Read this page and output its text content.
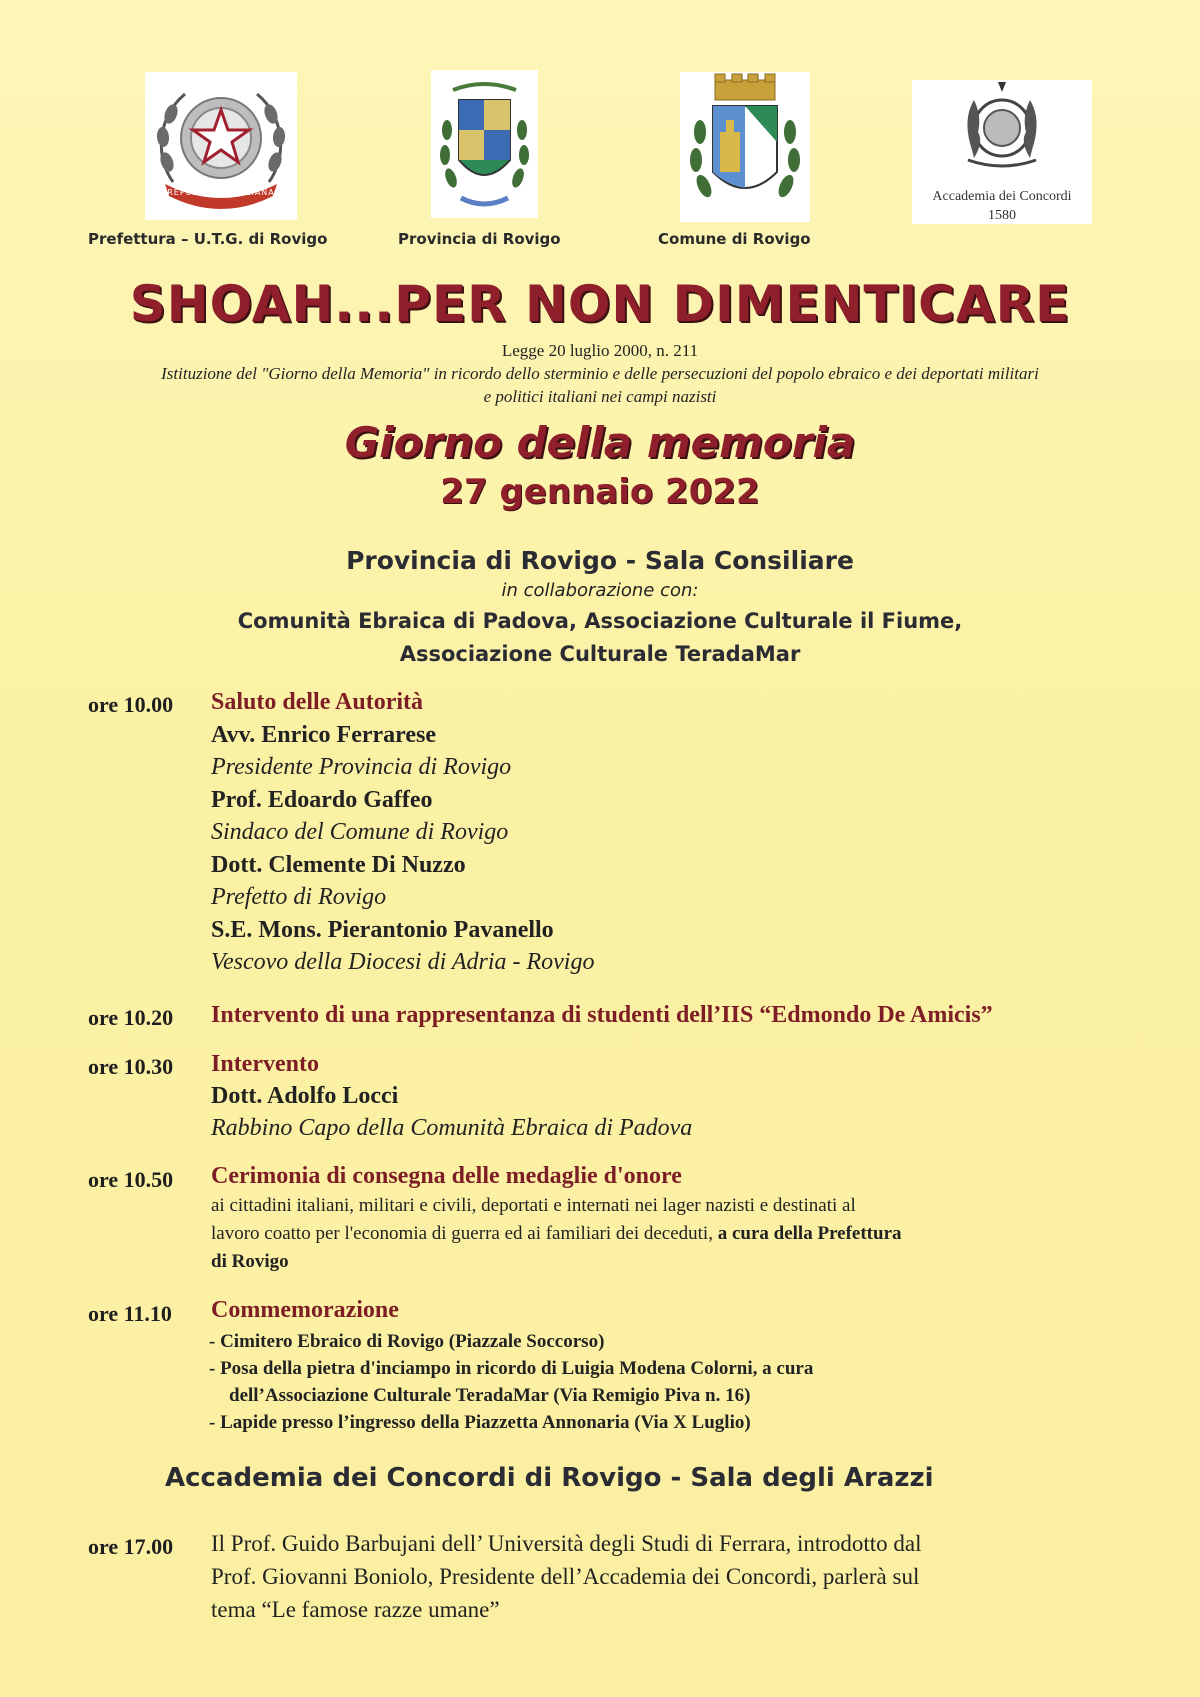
REPUBBLICA ITALIANA
Prefettura – U.T.G. di Rovigo	Provincia di Rovigo	Comune di Rovigo
Accademia dei Concordi
1580
SHOAH...PER NON DIMENTICARE
Legge 20 luglio 2000, n. 211
Istituzione del "Giorno della Memoria" in ricordo dello sterminio e delle persecuzioni del popolo ebraico e dei deportati militari
e politici italiani nei campi nazisti
Giorno della memoria
27 gennaio 2022
Provincia di Rovigo - Sala Consiliare
in collaborazione con:
Comunità Ebraica di Padova, Associazione Culturale il Fiume,
Associazione Culturale TeradaMar
ore 10.00 Saluto delle Autorità
Avv. Enrico Ferrarese
Presidente Provincia di Rovigo
Prof. Edoardo Gaffeo
Sindaco del Comune di Rovigo
Dott. Clemente Di Nuzzo
Prefetto di Rovigo
S.E. Mons. Pierantonio Pavanello
Vescovo della Diocesi di Adria - Rovigo
ore 10.20 Intervento di una rappresentanza di studenti dell’IIS “Edmondo De Amicis”
ore 10.30 Intervento
Dott. Adolfo Locci
Rabbino Capo della Comunità Ebraica di Padova
ore 10.50 Cerimonia di consegna delle medaglie d'onore
ai cittadini italiani, militari e civili, deportati e internati nei lager nazisti e destinati al
lavoro coatto per l'economia di guerra ed ai familiari dei deceduti, a cura della Prefettura
di Rovigo
ore 11.10 Commemorazione
- Cimitero Ebraico di Rovigo (Piazzale Soccorso)
- Posa della pietra d'inciampo in ricordo di Luigia Modena Colorni, a cura
dell’Associazione Culturale TeradaMar (Via Remigio Piva n. 16)
- Lapide presso l’ingresso della Piazzetta Annonaria (Via X Luglio)
Accademia dei Concordi di Rovigo - Sala degli Arazzi
ore 17.00 Il Prof. Guido Barbujani dell’ Università degli Studi di Ferrara, introdotto dal
Prof. Giovanni Boniolo, Presidente dell’Accademia dei Concordi, parlerà sul
tema “Le famose razze umane”
